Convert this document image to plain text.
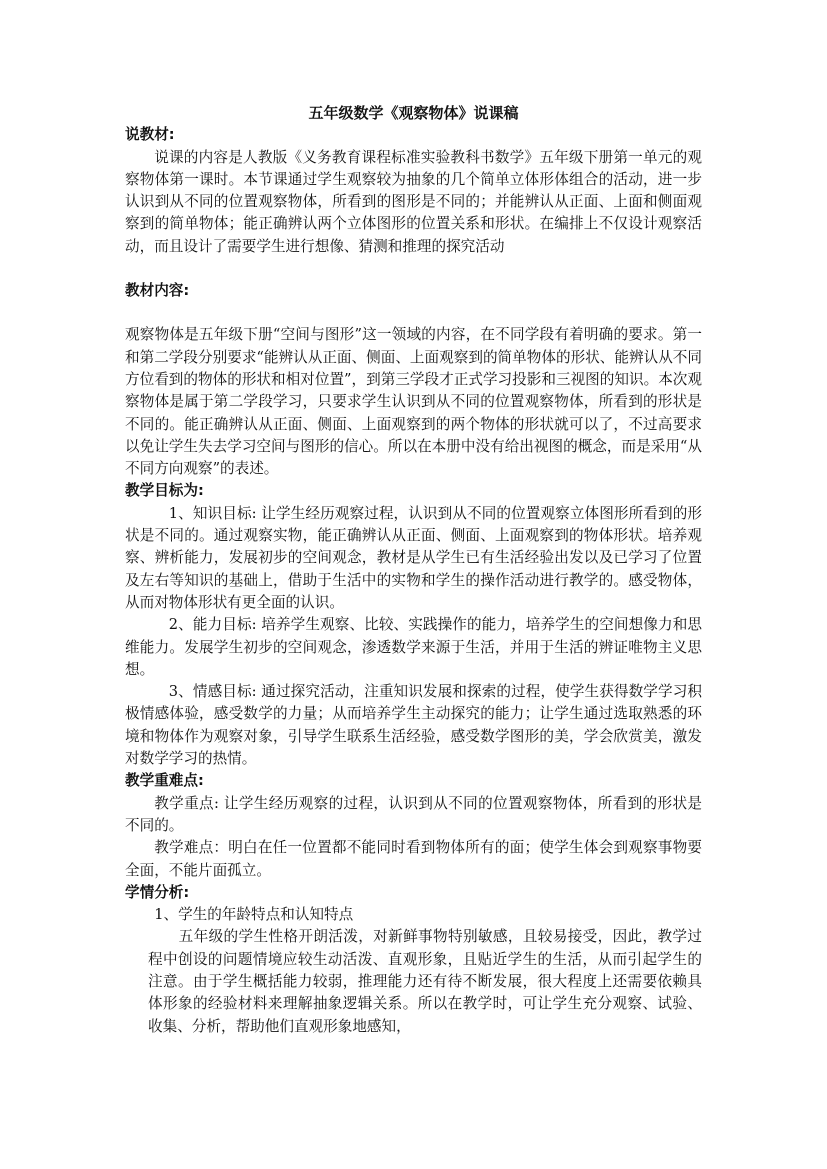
五年级数学《观察物体》说课稿

说教材:

说课的内容是人教版《义务教育课程标准实验教科书数学》五年级下册第一单元的观察物体第一课时。本节课通过学生观察较为抽象的几个简单立体形体组合的活动，进一步认识到从不同的位置观察物体，所看到的图形是不同的；并能辨认从正面、上面和侧面观察到的简单物体；能正确辨认两个立体图形的位置关系和形状。在编排上不仅设计观察活动，而且设计了需要学生进行想像、猜测和推理的探究活动

教材内容:

观察物体是五年级下册“空间与图形”这一领域的内容，在不同学段有着明确的要求。第一和第二学段分别要求“能辨认从正面、侧面、上面观察到的简单物体的形状、能辨认从不同方位看到的物体的形状和相对位置”，到第三学段才正式学习投影和三视图的知识。本次观察物体是属于第二学段学习，只要求学生认识到从不同的位置观察物体，所看到的形状是不同的。能正确辨认从正面、侧面、上面观察到的两个物体的形状就可以了，不过高要求以免让学生失去学习空间与图形的信心。所以在本册中没有给出视图的概念，而是采用“从不同方向观察”的表述。

教学目标为:

1、知识目标: 让学生经历观察过程，认识到从不同的位置观察立体图形所看到的形状是不同的。通过观察实物，能正确辨认从正面、侧面、上面观察到的物体形状。培养观察、辨析能力，发展初步的空间观念，教材是从学生已有生活经验出发以及已学习了位置及左右等知识的基础上，借助于生活中的实物和学生的操作活动进行教学的。感受物体，从而对物体形状有更全面的认识。

2、能力目标: 培养学生观察、比较、实践操作的能力，培养学生的空间想像力和思维能力。发展学生初步的空间观念，渗透数学来源于生活，并用于生活的辨证唯物主义思想。

3、情感目标: 通过探究活动，注重知识发展和探索的过程，使学生获得数学学习积极情感体验，感受数学的力量；从而培养学生主动探究的能力；让学生通过选取熟悉的环境和物体作为观察对象，引导学生联系生活经验，感受数学图形的美，学会欣赏美，激发对数学学习的热情。

教学重难点:

教学重点: 让学生经历观察的过程，认识到从不同的位置观察物体，所看到的形状是不同的。

教学难点：明白在任一位置都不能同时看到物体所有的面；使学生体会到观察事物要全面，不能片面孤立。

学情分析:

1、学生的年龄特点和认知特点

五年级的学生性格开朗活泼，对新鲜事物特别敏感，且较易接受，因此，教学过程中创设的问题情境应较生动活泼、直观形象，且贴近学生的生活，从而引起学生的注意。由于学生概括能力较弱，推理能力还有待不断发展，很大程度上还需要依赖具体形象的经验材料来理解抽象逻辑关系。所以在教学时，可让学生充分观察、试验、收集、分析，帮助他们直观形象地感知，
